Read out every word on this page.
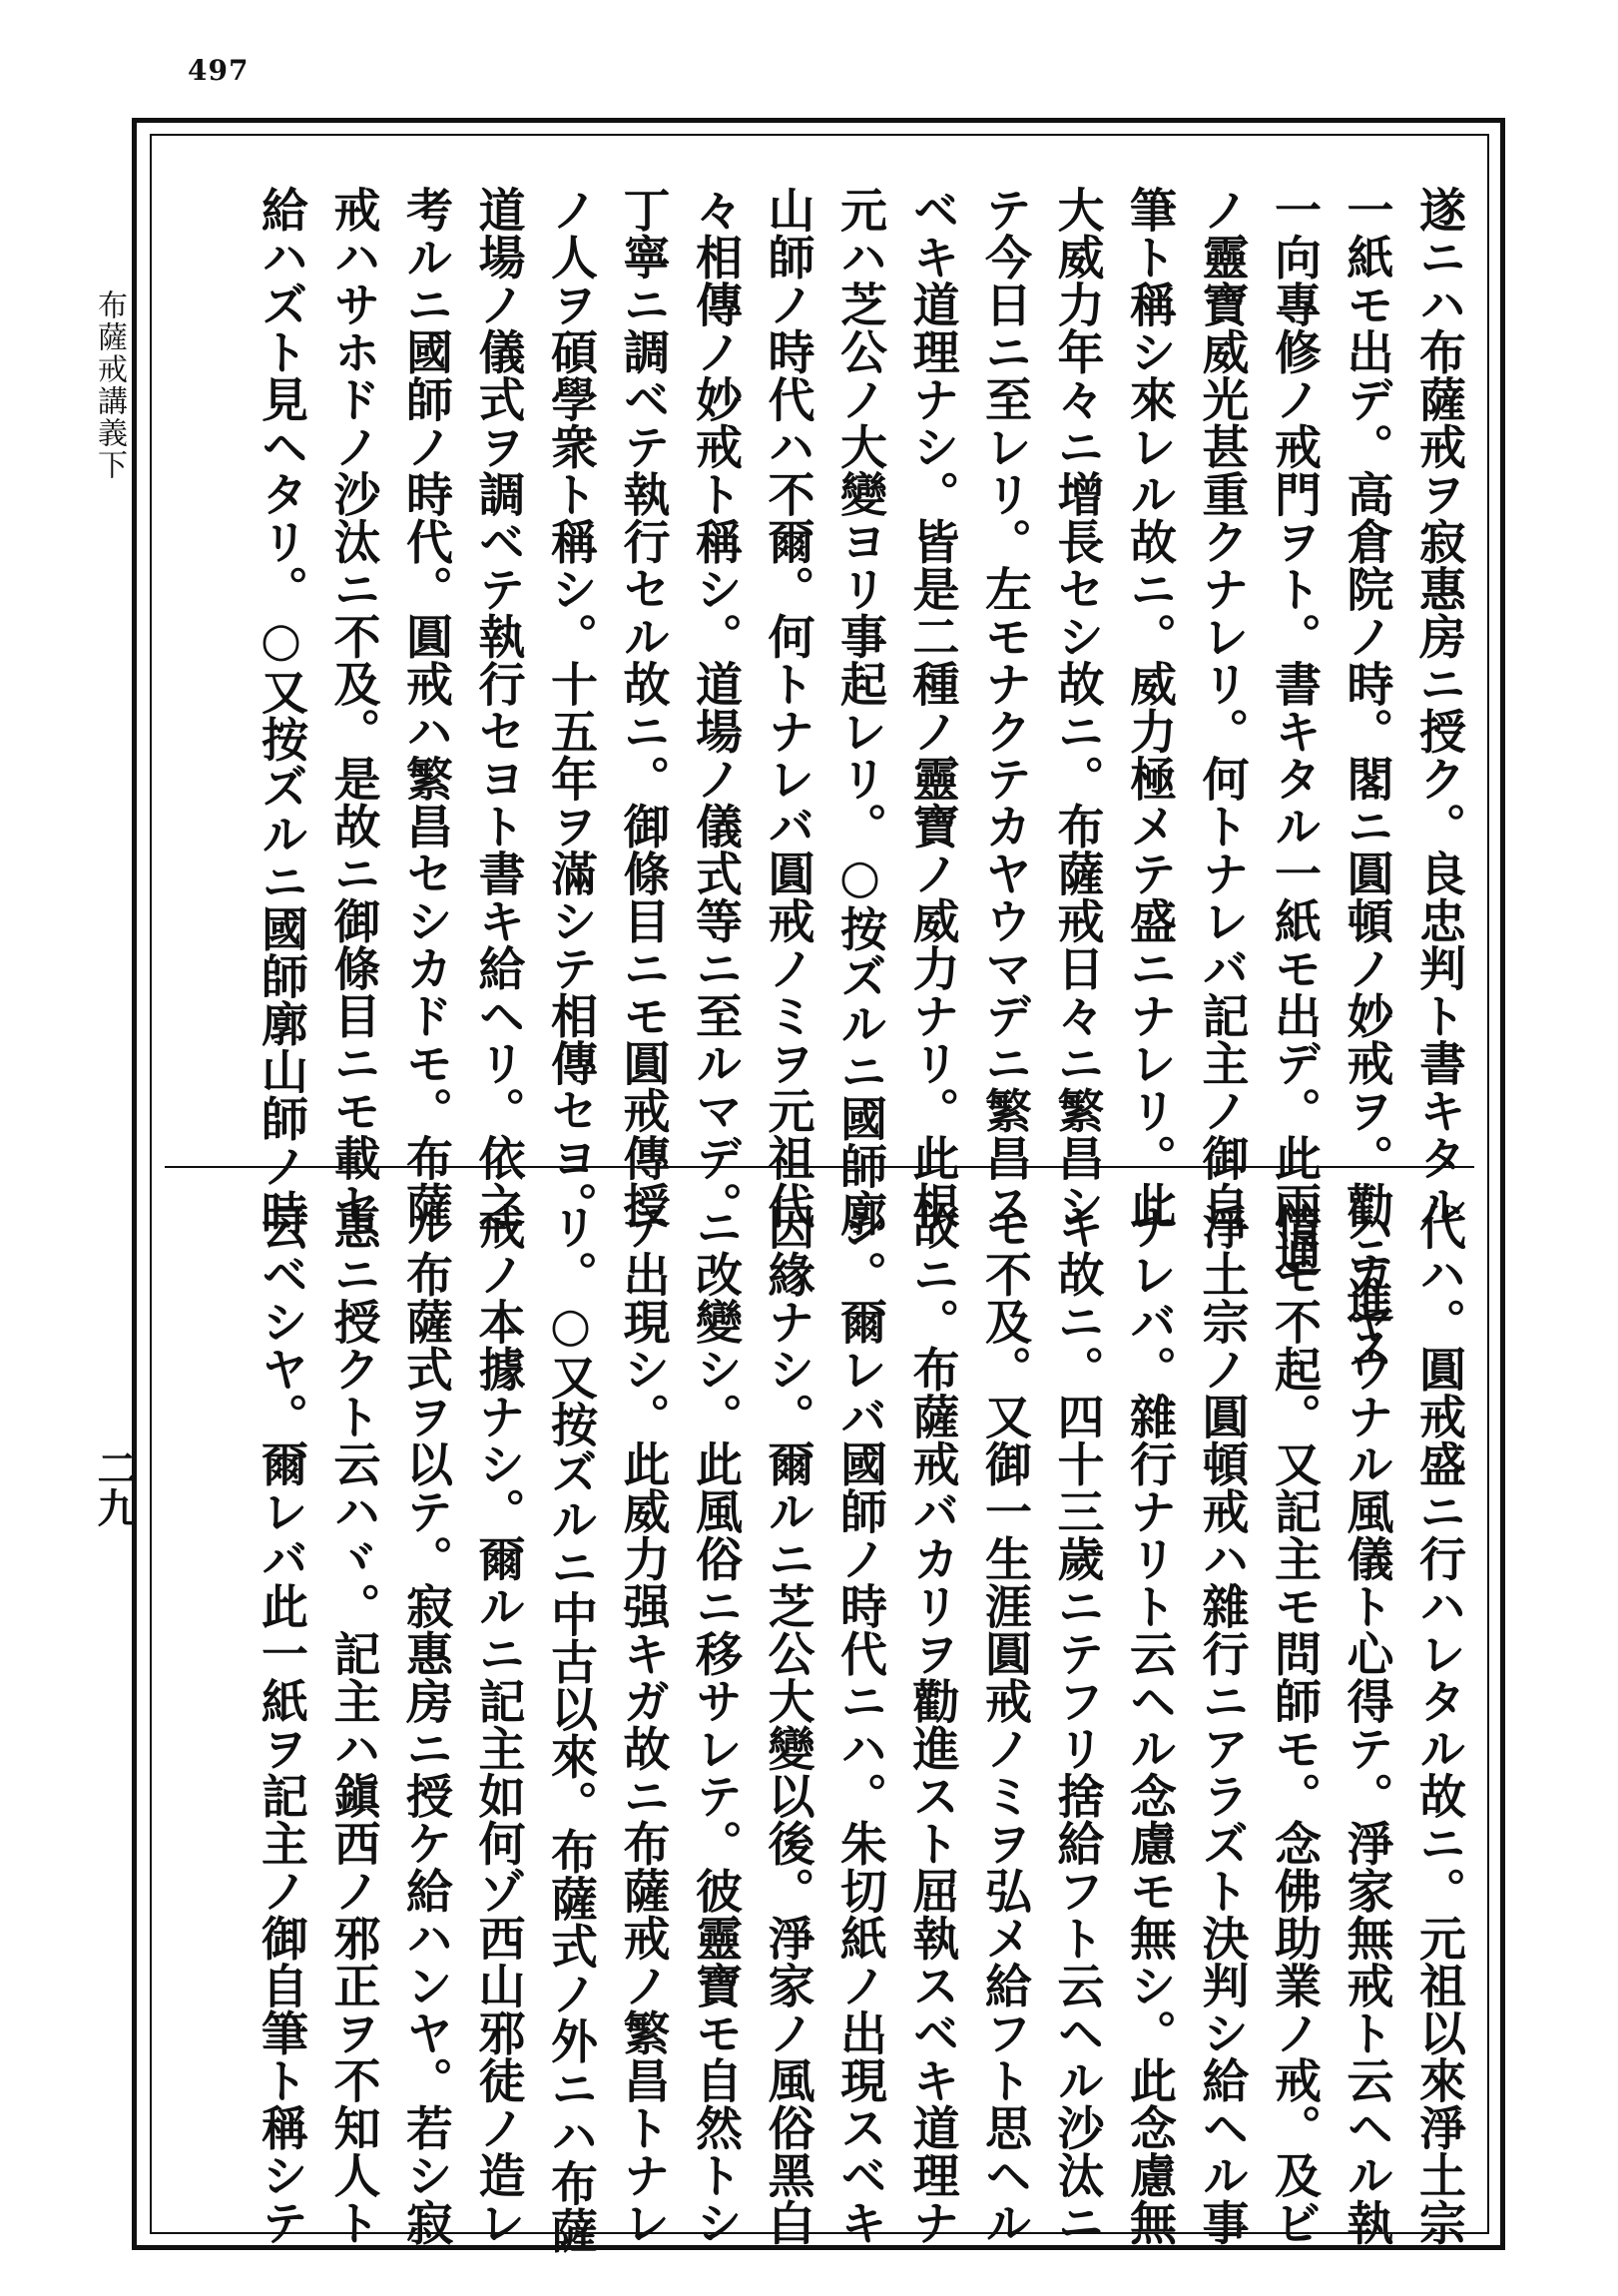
497
布薩戒講義下
二九
遂ニハ布薩戒ヲ寂惠房ニ授ク。良忠判ト書キタル
一紙モ出デ。高倉院ノ時。閣ニ圓頓ノ妙戒ヲ。勸ニ進ス
一向專修ノ戒門ヲト。書キタル一紙モ出デ。此兩通
ノ靈寶威光甚重クナレリ。何トナレバ記主ノ御自
筆ト稱シ來レル故ニ。威力極メテ盛ニナレリ。此
大威力年々ニ增長セシ故ニ。布薩戒日々ニ繁昌シ
テ今日ニ至レリ。左モナクテカヤウマデニ繁昌ス
ベキ道理ナシ。皆是二種ノ靈寶ノ威力ナリ。此根
元ハ芝公ノ大變ヨリ事起レリ。○按ズルニ國師廓
山師ノ時代ハ不爾。何トナレバ圓戒ノミヲ元祖代
々相傳ノ妙戒ト稱シ。道場ノ儀式等ニ至ルマデ。
丁寧ニ調ベテ執行セル故ニ。御條目ニモ圓戒傳授
ノ人ヲ碩學衆ト稱シ。十五年ヲ滿シテ相傳セヨ。
道場ノ儀式ヲ調ベテ執行セヨト書キ給ヘリ。依之
考ルニ國師ノ時代。圓戒ハ繁昌セシカドモ。布薩
戒ハサホドノ沙汰ニ不及。是故ニ御條目ニモ載セ
給ハズト見ヘタリ。○又按ズルニ國師廓山師ノ時
代ハ。圓戒盛ニ行ハレタル故ニ。元祖以來淨土宗
ハカヤウナル風儀ト心得テ。淨家無戒ト云ヘル執
情モ不起。又記主モ問師モ。念佛助業ノ戒。及ビ
淨土宗ノ圓頓戒ハ雜行ニアラズト決判シ給ヘル事
ナレバ。雜行ナリト云ヘル念慮モ無シ。此念慮無
キ故ニ。四十三歲ニテフリ捨給フト云ヘル沙汰ニ
モ不及。又御一生涯圓戒ノミヲ弘メ給フト思ヘル
故ニ。布薩戒バカリヲ勸進スト屈執スベキ道理ナ
シ。爾レバ國師ノ時代ニハ。朱切紙ノ出現スベキ
因緣ナシ。爾ルニ芝公大變以後。淨家ノ風俗黑白
ニ改變シ。此風俗ニ移サレテ。彼靈寶モ自然トシ
テ出現シ。此威力强キガ故ニ布薩戒ノ繁昌トナレ
リ。○又按ズルニ中古以來。布薩式ノ外ニハ布薩
戒ノ本據ナシ。爾ルニ記主如何ゾ西山邪徒ノ造レ
ル布薩式ヲ以テ。寂惠房ニ授ケ給ハンヤ。若シ寂
惠ニ授クト云ハヾ。記主ハ鎭西ノ邪正ヲ不知人ト
云ベシヤ。爾レバ此一紙ヲ記主ノ御自筆ト稱シテ
